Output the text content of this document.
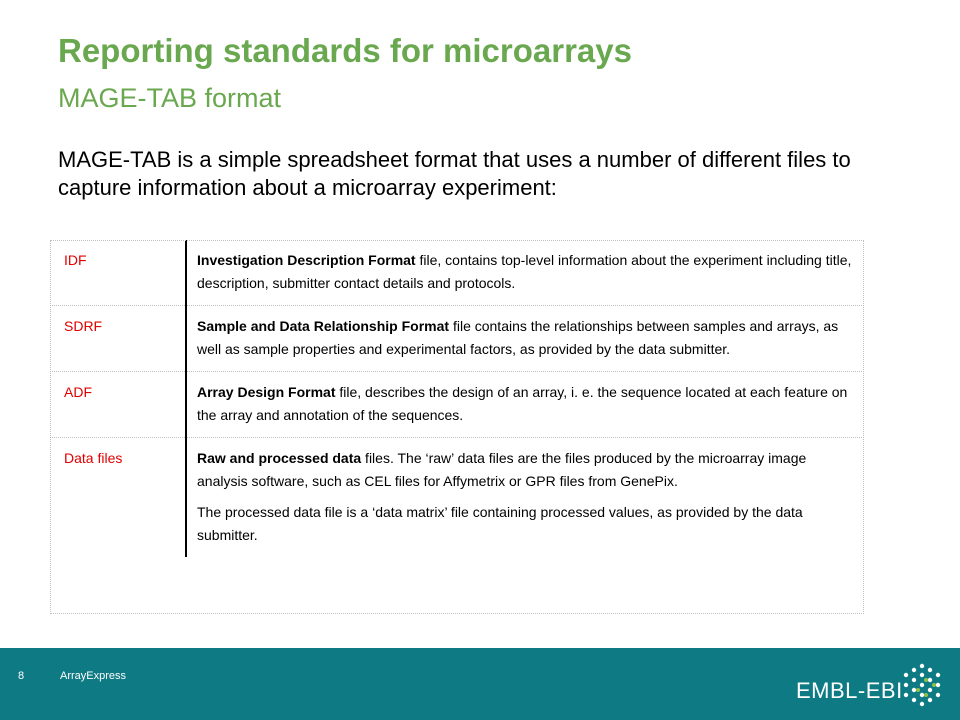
Reporting standards for microarrays
MAGE-TAB format
MAGE-TAB is a simple spreadsheet format that uses a number of different files to capture information about a microarray experiment:
IDF	Investigation Description Format file, contains top-level information about the experiment including title, description, submitter contact details and protocols.

SDRF	Sample and Data Relationship Format file contains the relationships between samples and arrays, as well as sample properties and experimental factors, as provided by the data submitter.

ADF	Array Design Format file, describes the design of an array, i. e. the sequence located at each feature on the array and annotation of the sequences.

Data files	Raw and processed data files. The ‘raw’ data files are the files produced by the microarray image analysis software, such as CEL files for Affymetrix or GPR files from GenePix.

The processed data file is a ‘data matrix’ file containing processed values, as provided by the data submitter.

8	ArrayExpress
EMBL-EBI
